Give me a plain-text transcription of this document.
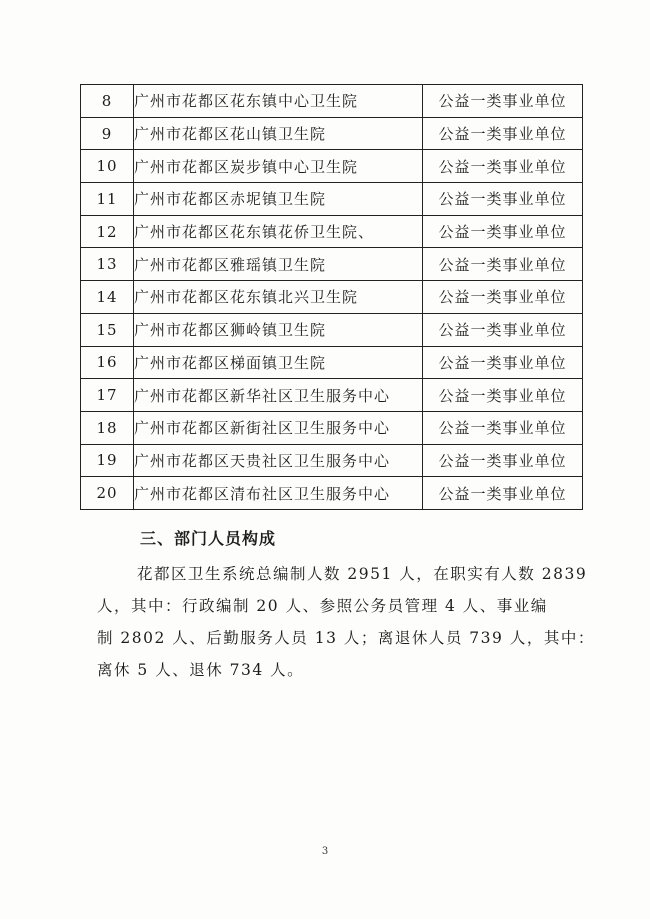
8	广州市花都区花东镇中心卫生院	公益一类事业单位
9	广州市花都区花山镇卫生院	公益一类事业单位
10	广州市花都区炭步镇中心卫生院	公益一类事业单位
11	广州市花都区赤坭镇卫生院	公益一类事业单位
12	广州市花都区花东镇花侨卫生院、	公益一类事业单位
13	广州市花都区雅瑶镇卫生院	公益一类事业单位
14	广州市花都区花东镇北兴卫生院	公益一类事业单位
15	广州市花都区狮岭镇卫生院	公益一类事业单位
16	广州市花都区梯面镇卫生院	公益一类事业单位
17	广州市花都区新华社区卫生服务中心	公益一类事业单位
18	广州市花都区新街社区卫生服务中心	公益一类事业单位
19	广州市花都区天贵社区卫生服务中心	公益一类事业单位
20	广州市花都区清布社区卫生服务中心	公益一类事业单位
三、部门人员构成

花都区卫生系统总编制人数 2951 人，在职实有人数 2839
人，其中：行政编制 20 人、参照公务员管理 4 人、事业编
制 2802 人、后勤服务人员 13 人；离退休人员 739 人，其中：
离休 5 人、退休 734 人。

3
